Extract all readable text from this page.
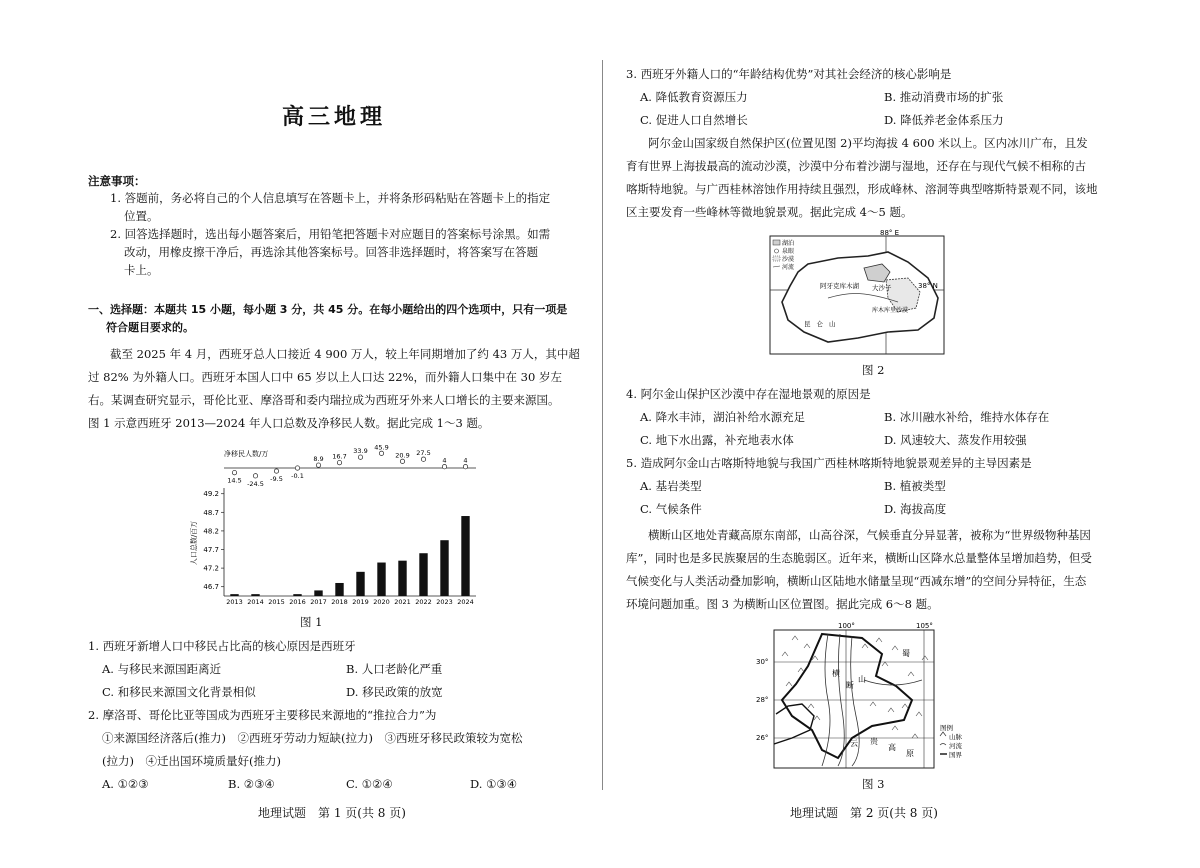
高三地理
注意事项：
1. 答题前，务必将自己的个人信息填写在答题卡上，并将条形码粘贴在答题卡上的指定
位置。
2. 回答选择题时，选出每小题答案后，用铅笔把答题卡对应题目的答案标号涂黑。如需
改动，用橡皮擦干净后，再选涂其他答案标号。回答非选择题时，将答案写在答题
卡上。
一、选择题：本题共 15 小题，每小题 3 分，共 45 分。在每小题给出的四个选项中，只有一项是
符合题目要求的。
截至 2025 年 4 月，西班牙总人口接近 4 900 万人，较上年同期增加了约 43 万人，其中超
过 82% 为外籍人口。西班牙本国人口中 65 岁以上人口达 22%，而外籍人口集中在 30 岁左
右。某调查研究显示，哥伦比亚、摩洛哥和委内瑞拉成为西班牙外来人口增长的主要来源国。
图 1 示意西班牙 2013—2024 年人口总数及净移民人数。据此完成 1～3 题。
净移民人数/万
14.5 -24.5
-9.5 -0.1
8.9 16.7
33.9 45.9
20.9 27.5
4	4
46.7
47.2
47.7
48.2
48.7
49.2
人口总数/百万
2013 2014 2015 2016 2017 2018 2019 2020 2021 2022 2023 2024
图 1
1. 西班牙新增人口中移民占比高的核心原因是西班牙
A. 与移民来源国距离近	B. 人口老龄化严重
C. 和移民来源国文化背景相似	D. 移民政策的放宽
2. 摩洛哥、哥伦比亚等国成为西班牙主要移民来源地的“推拉合力”为
①来源国经济落后(推力)　②西班牙劳动力短缺(拉力)　③西班牙移民政策较为宽松
(拉力)　④迁出国环境质量好(推力)
A. ①②③	B. ②③④	C. ①②④	D. ①③④
地理试题　第 1 页(共 8 页)
3. 西班牙外籍人口的“年龄结构优势”对其社会经济的核心影响是
A. 降低教育资源压力	B. 推动消费市场的扩张
C. 促进人口自然增长	D. 降低养老金体系压力
阿尔金山国家级自然保护区(位置见图 2)平均海拔 4 600 米以上。区内冰川广布，且发
育有世界上海拔最高的流动沙漠，沙漠中分布着沙湖与湿地，还存在与现代气候不相称的古
喀斯特地貌。与广西桂林溶蚀作用持续且强烈，形成峰林、溶洞等典型喀斯特景观不同，该地
区主要发育一些峰林等微地貌景观。据此完成 4～5 题。
88° E
38° N
湖泊
泉眼
沙漠
河流
阿牙克库木湖 大沙子
昆仑山
库木库里沙漠
图 2
4. 阿尔金山保护区沙漠中存在湿地景观的原因是
A. 降水丰沛，湖泊补给水源充足	B. 冰川融水补给，维持水体存在
C. 地下水出露，补充地表水体	D. 风速较大、蒸发作用较强
5. 造成阿尔金山古喀斯特地貌与我国广西桂林喀斯特地貌景观差异的主导因素是
A. 基岩类型	B. 植被类型
C. 气候条件	D. 海拔高度
横断山区地处青藏高原东南部，山高谷深，气候垂直分异显著，被称为“世界级物种基因
库”，同时也是多民族聚居的生态脆弱区。近年来，横断山区降水总量整体呈增加趋势，但受
气候变化与人类活动叠加影响，横断山区陆地水储量呈现“西减东增”的空间分异特征，生态
环境问题加重。图 3 为横断山区位置图。据此完成 6～8 题。
地理试题　第 2 页(共 8 页)
100°	105°
30°
28°
26°
横
断
山
蜀
云 贵
高
原
图例
山脉
河流
国界
图 3
